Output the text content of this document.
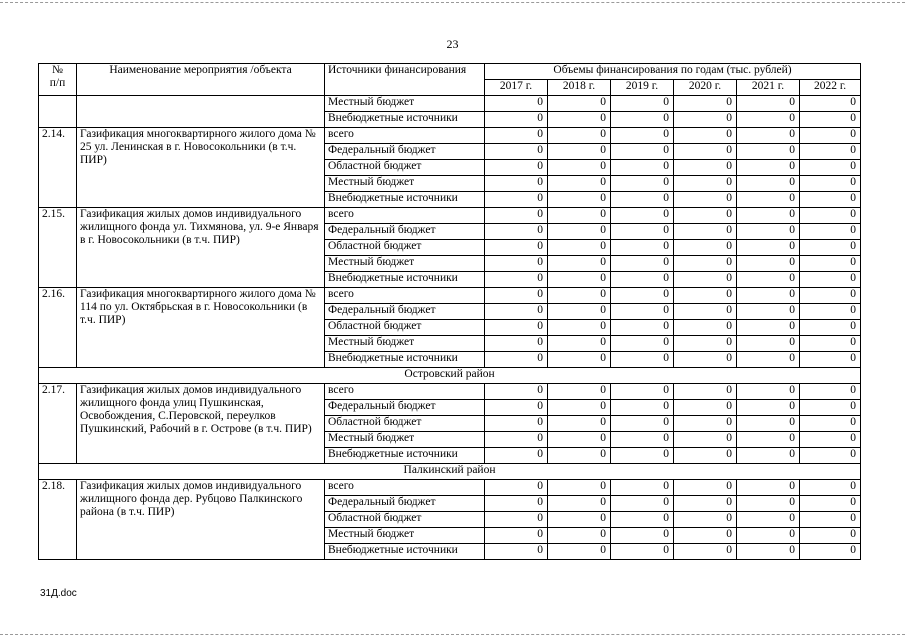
23
№
п/п	Наименование мероприятия /объекта	Источники финансирования	Объемы финансирования по годам (тыс. рублей)					
			2017 г.	2018 г.	2019 г.	2020 г.	2021 г.	2022 г.
		Местный бюджет	0	0	0	0	0	0
		Внебюджетные источники	0	0	0	0	0	0
2.14.	Газификация многоквартирного жилого дома № 25 ул. Ленинская в г. Новосокольники (в т.ч. ПИР)	всего	0	0	0	0	0	0
		Федеральный бюджет	0	0	0	0	0	0
		Областной бюджет	0	0	0	0	0	0
		Местный бюджет	0	0	0	0	0	0
		Внебюджетные источники	0	0	0	0	0	0
2.15.	Газификация жилых домов индивидуального жилищного фонда ул. Тихмянова, ул. 9-е Января в г. Новосокольники (в т.ч. ПИР)	всего	0	0	0	0	0	0
		Федеральный бюджет	0	0	0	0	0	0
		Областной бюджет	0	0	0	0	0	0
		Местный бюджет	0	0	0	0	0	0
		Внебюджетные источники	0	0	0	0	0	0
2.16.	Газификация многоквартирного жилого дома № 114 по ул. Октябрьская в г. Новосокольники (в т.ч. ПИР)	всего	0	0	0	0	0	0
		Федеральный бюджет	0	0	0	0	0	0
		Областной бюджет	0	0	0	0	0	0
		Местный бюджет	0	0	0	0	0	0
		Внебюджетные источники	0	0	0	0	0	0
Островский район								
2.17.	Газификация жилых домов индивидуального жилищного фонда улиц Пушкинская, Освобождения, С.Перовской, переулков Пушкинский, Рабочий в г. Острове (в т.ч. ПИР)	всего	0	0	0	0	0	0
		Федеральный бюджет	0	0	0	0	0	0
		Областной бюджет	0	0	0	0	0	0
		Местный бюджет	0	0	0	0	0	0
		Внебюджетные источники	0	0	0	0	0	0
Палкинский район								
2.18.	Газификация жилых домов индивидуального жилищного фонда дер. Рубцово Палкинского района (в т.ч. ПИР)	всего	0	0	0	0	0	0
		Федеральный бюджет	0	0	0	0	0	0
		Областной бюджет	0	0	0	0	0	0
		Местный бюджет	0	0	0	0	0	0
		Внебюджетные источники	0	0	0	0	0	0
31Д.doc
